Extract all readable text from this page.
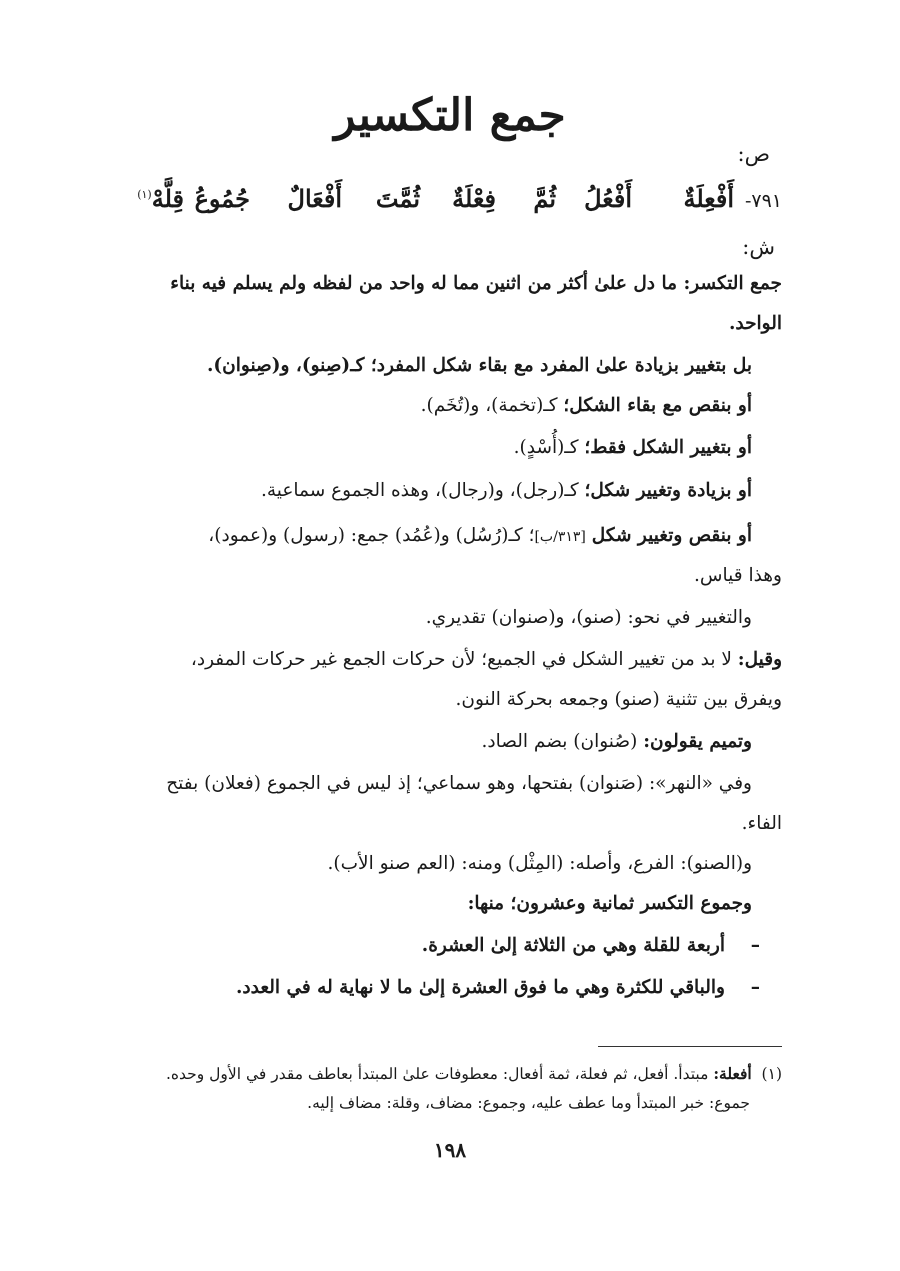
جمع التكسير
ص:
٧٩١-
أَفْعِلَةٌ
أَفْعُلُ
ثُمَّ
فِعْلَةٌ
ثُمَّتَ
أَفْعَالٌ
جُمُوعُ
قِلَّهْ$^{(١)}$
ش:
جمع التكسر: ما دل علىٰ أكثر من اثنين مما له واحد من لفظه ولم يسلم فيه بناء
الواحد.
بل بتغيير بزيادة علىٰ المفرد مع بقاء شكل المفرد؛ كـ(صِنو)، و(صِنوان).
أو بنقص مع بقاء الشكل؛ كـ(تخمة)، و(تُخَم).
أو بتغيير الشكل فقط؛ كـ(أُسْدٍ).
أو بزيادة وتغيير شكل؛ كـ(رجل)، و(رجال)، وهذه الجموع سماعية.
أو بنقص وتغيير شكل [٣١٣/ب]؛ كـ(رُسُل) و(عُمُد) جمع: (رسول) و(عمود)،
وهذا قياس.
والتغيير في نحو: (صنو)، و(صنوان) تقديري.
وقيل: لا بد من تغيير الشكل في الجميع؛ لأن حركات الجمع غير حركات المفرد،
ويفرق بين تثنية (صنو) وجمعه بحركة النون.
وتميم يقولون: (صُنوان) بضم الصاد.
وفي «النهر»: (صَنوان) بفتحها، وهو سماعي؛ إذ ليس في الجموع (فعلان) بفتح
الفاء.
و(الصنو): الفرع، وأصله: (المِثْل) ومنه: (العم صنو الأب).
وجموع التكسر ثمانية وعشرون؛ منها:
–    أربعة للقلة وهي من الثلاثة إلىٰ العشرة.
–    والباقي للكثرة وهي ما فوق العشرة إلىٰ ما لا نهاية له في العدد.
(١)  أفعلة: مبتدأ. أفعل، ثم فعلة، ثمة أفعال: معطوفات علىٰ المبتدأ بعاطف مقدر في الأول وحده.
جموع: خبر المبتدأ وما عطف عليه، وجموع: مضاف، وقلة: مضاف إليه.
١٩٨
